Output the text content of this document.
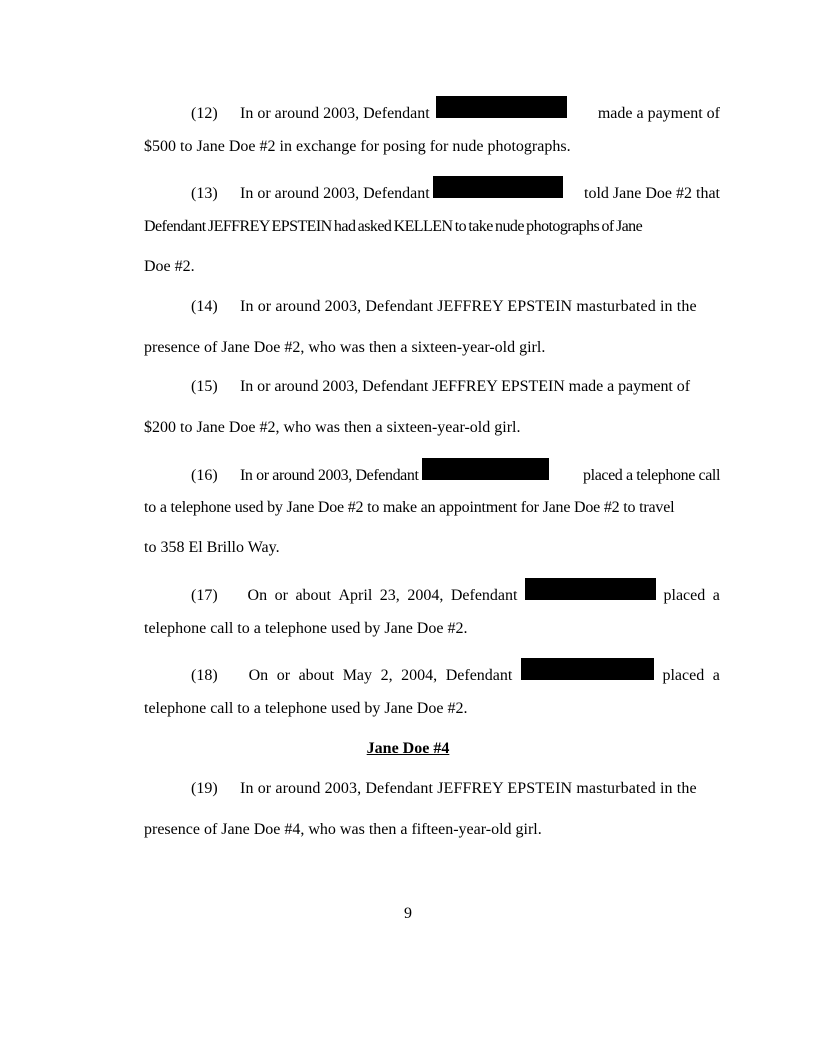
(12)	In or around 2003, Defendant	made a payment of
$500 to Jane Doe #2 in exchange for posing for nude photographs.
(13)	In or around 2003, Defendant	told Jane Doe #2 that
Defendant JEFFREY EPSTEIN had asked KELLEN to take nude photographs of Jane
Doe #2.
(14) In or around 2003, Defendant JEFFREY EPSTEIN masturbated in the
presence of Jane Doe #2, who was then a sixteen-year-old girl.
(15) In or around 2003, Defendant JEFFREY EPSTEIN made a payment of
$200 to Jane Doe #2, who was then a sixteen-year-old girl.
(16)	In or around 2003, Defendant	placed a telephone call
to a telephone used by Jane Doe #2 to make an appointment for Jane Doe #2 to travel
to 358 El Brillo Way.
(17)	On or about April 23, 2004, Defendant	placed a
telephone call to a telephone used by Jane Doe #2.
(18)	On or about May 2, 2004, Defendant	placed a
telephone call to a telephone used by Jane Doe #2.
Jane Doe #4
(19) In or around 2003, Defendant JEFFREY EPSTEIN masturbated in the
presence of Jane Doe #4, who was then a fifteen-year-old girl.
9
